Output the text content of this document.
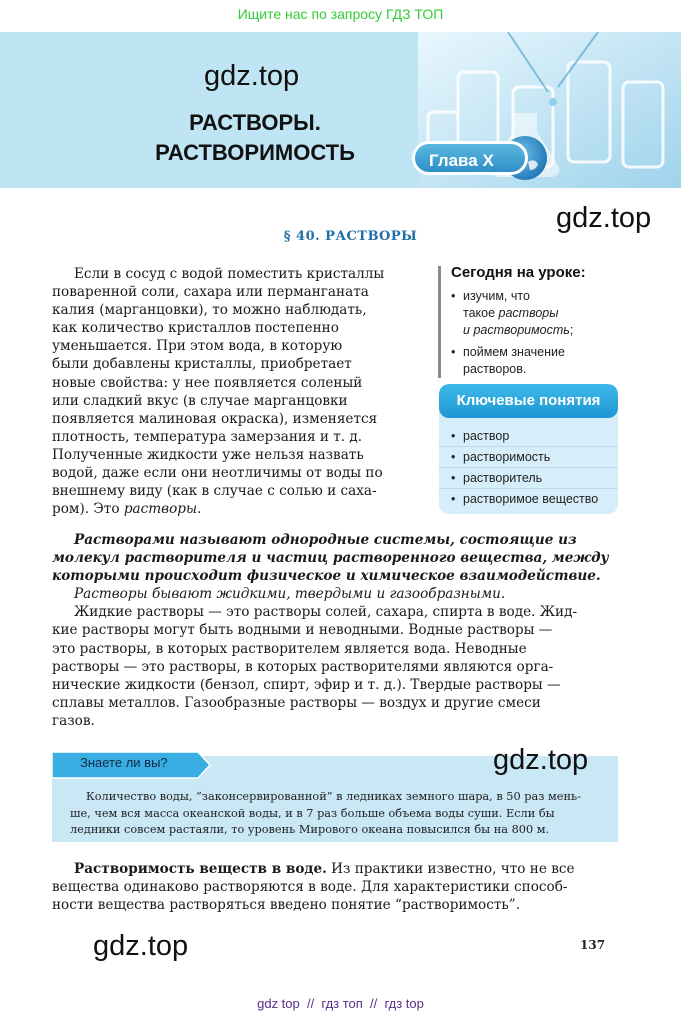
Ищите нас по запросу ГДЗ ТОП
gdz.top
РАСТВОРЫ.
РАСТВОРИМОСТЬ	Глава X
gdz.top
§ 40. РАСТВОРЫ
Если в сосуд с водой поместить кристаллы
поваренной соли, сахара или перманганата
калия (марганцовки), то можно наблюдать,
как количество кристаллов постепенно
уменьшается. При этом вода, в которую
были добавлены кристаллы, приобретает
новые свойства: у нее появляется соленый
или сладкий вкус (в случае марганцовки
появляется малиновая окраска), изменяется
плотность, температура замерзания и т. д.
Полученные жидкости уже нельзя назвать
водой, даже если они неотличимы от воды по
внешнему виду (как в случае с солью и саха-
ром). Это растворы.
Сегодня на уроке:
• изучим, что
такое растворы
и растворимость;
• поймем значение
растворов.
Ключевые понятия
• раствор
• растворимость
• растворитель
• растворимое вещество
Растворами называют однородные системы, состоящие из
молекул растворителя и частиц растворенного вещества, между
которыми происходит физическое и химическое взаимодействие.
Растворы бывают жидкими, твердыми и газообразными.
Жидкие растворы — это растворы солей, сахара, спирта в воде. Жид-
кие растворы могут быть водными и неводными. Водные растворы —
это растворы, в которых растворителем является вода. Неводные
растворы — это растворы, в которых растворителями являются орга-
нические жидкости (бензол, спирт, эфир и т. д.). Твердые растворы —
сплавы металлов. Газообразные растворы — воздух и другие смеси
газов.
Знаете ли вы?	gdz.top
Количество воды, “законсервированной” в ледниках земного шара, в 50 раз мень-
ше, чем вся масса океанской воды, и в 7 раз больше объема воды суши. Если бы
ледники совсем растаяли, то уровень Мирового океана повысился бы на 800 м.
Растворимость веществ в воде. Из практики известно, что не все
вещества одинаково растворяются в воде. Для характеристики способ-
ности вещества растворяться введено понятие “растворимость”.
gdz.top	137
gdz top  //  гдз топ  //  гдз top
